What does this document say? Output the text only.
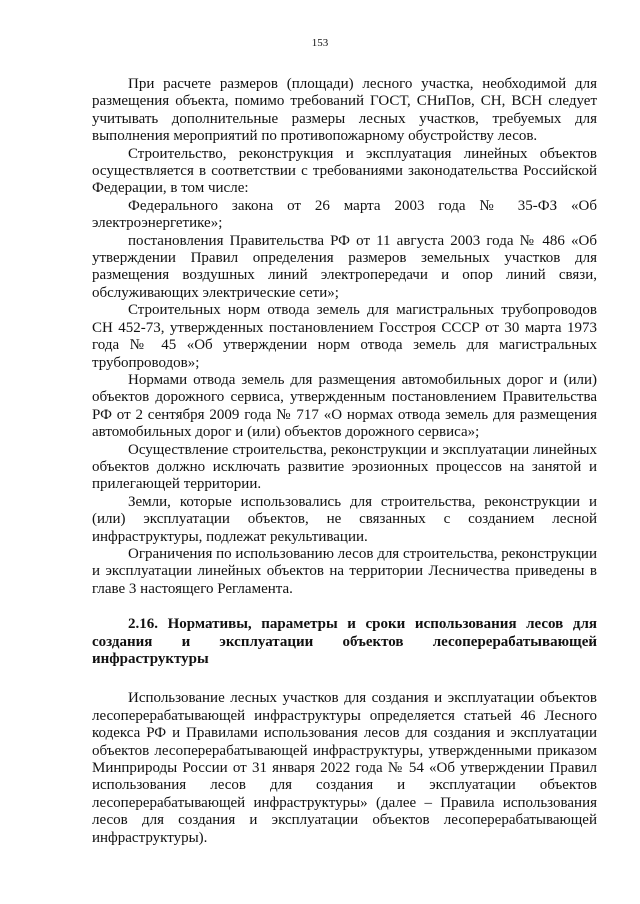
153

При расчете размеров (площади) лесного участка, необходимой для размещения объекта, помимо требований ГОСТ, СНиПов, СН, ВСН следует учитывать дополнительные размеры лесных участков, требуемых для выполнения мероприятий по противопожарному обустройству лесов.

Строительство, реконструкция и эксплуатация линейных объектов осуществляется в соответствии с требованиями законодательства Российской Федерации, в том числе:

Федерального закона от 26 марта 2003 года № 35-ФЗ «Об электроэнергетике»;

постановления Правительства РФ от 11 августа 2003 года № 486 «Об утверждении Правил определения размеров земельных участков для размещения воздушных линий электропередачи и опор линий связи, обслуживающих электрические сети»;

Строительных норм отвода земель для магистральных трубопроводов СН 452-73, утвержденных постановлением Госстроя СССР от 30 марта 1973 года № 45 «Об утверждении норм отвода земель для магистральных трубопроводов»;

Нормами отвода земель для размещения автомобильных дорог и (или) объектов дорожного сервиса, утвержденным постановлением Правительства РФ от 2 сентября 2009 года № 717 «О нормах отвода земель для размещения автомобильных дорог и (или) объектов дорожного сервиса»;

Осуществление строительства, реконструкции и эксплуатации линейных объектов должно исключать развитие эрозионных процессов на занятой и прилегающей территории.

Земли, которые использовались для строительства, реконструкции и (или) эксплуатации объектов, не связанных с созданием лесной инфраструктуры, подлежат рекультивации.

Ограничения по использованию лесов для строительства, реконструкции и эксплуатации линейных объектов на территории Лесничества приведены в главе 3 настоящего Регламента.

2.16. Нормативы, параметры и сроки использования лесов для создания и эксплуатации объектов лесоперерабатывающей инфраструктуры

Использование лесных участков для создания и эксплуатации объектов лесоперерабатывающей инфраструктуры определяется статьей 46 Лесного кодекса РФ и Правилами использования лесов для создания и эксплуатации объектов лесоперерабатывающей инфраструктуры, утвержденными приказом Минприроды России от 31 января 2022 года № 54 «Об утверждении Правил использования лесов для создания и эксплуатации объектов лесоперерабатывающей инфраструктуры» (далее – Правила использования лесов для создания и эксплуатации объектов лесоперерабатывающей инфраструктуры).
